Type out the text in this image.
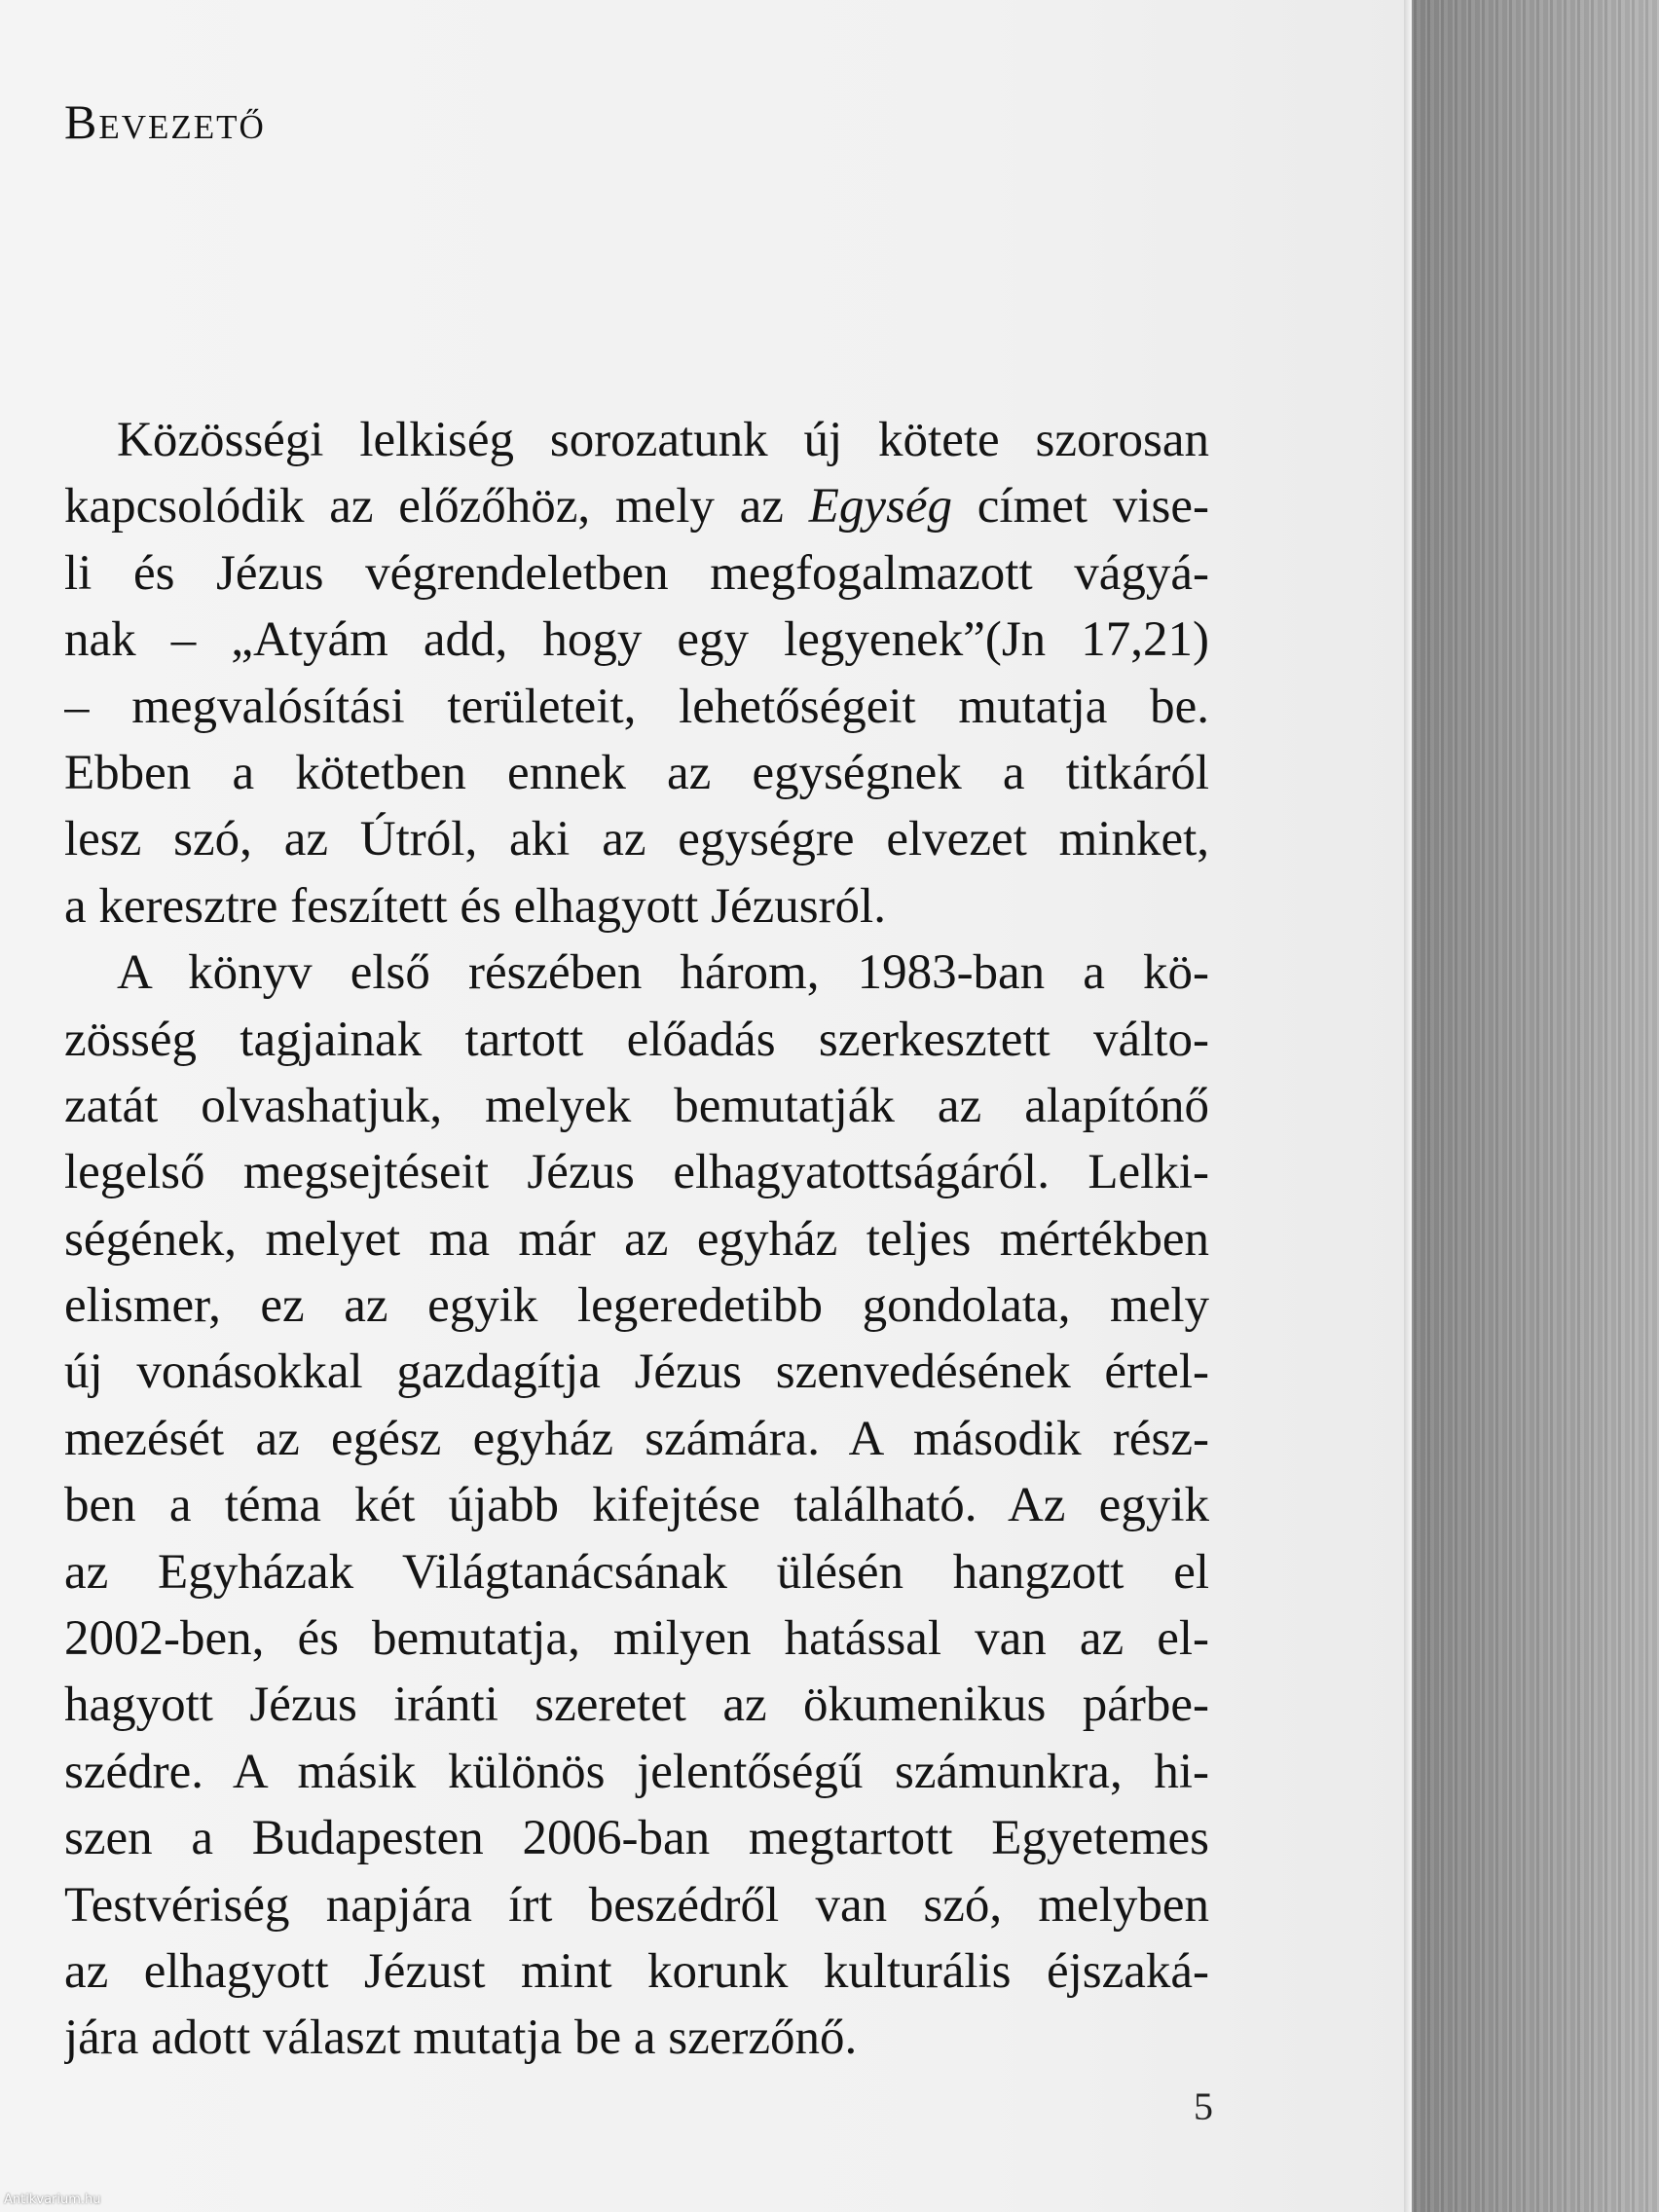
Bevezető
Közösségi lelkiség sorozatunk új kötete szorosan
kapcsolódik az előzőhöz, mely az Egység címet vise-
li és Jézus végrendeletben megfogalmazott vágyá-
nak – „Atyám add, hogy egy legyenek”(Jn 17,21)
– megvalósítási területeit, lehetőségeit mutatja be.
Ebben a kötetben ennek az egységnek a titkáról
lesz szó, az Útról, aki az egységre elvezet minket,
a keresztre feszített és elhagyott Jézusról.
A könyv első részében három, 1983-ban a kö-
zösség tagjainak tartott előadás szerkesztett válto-
zatát olvashatjuk, melyek bemutatják az alapítónő
legelső megsejtéseit Jézus elhagyatottságáról. Lelki-
ségének, melyet ma már az egyház teljes mértékben
elismer, ez az egyik legeredetibb gondolata, mely
új vonásokkal gazdagítja Jézus szenvedésének értel-
mezését az egész egyház számára. A második rész-
ben a téma két újabb kifejtése található. Az egyik
az Egyházak Világtanácsának ülésén hangzott el
2002-ben, és bemutatja, milyen hatással van az el-
hagyott Jézus iránti szeretet az ökumenikus párbe-
szédre. A másik különös jelentőségű számunkra, hi-
szen a Budapesten 2006-ban megtartott Egyetemes
Testvériség napjára írt beszédről van szó, melyben
az elhagyott Jézust mint korunk kulturális éjszaká-
jára adott választ mutatja be a szerzőnő.
5
Antikvarium.hu
